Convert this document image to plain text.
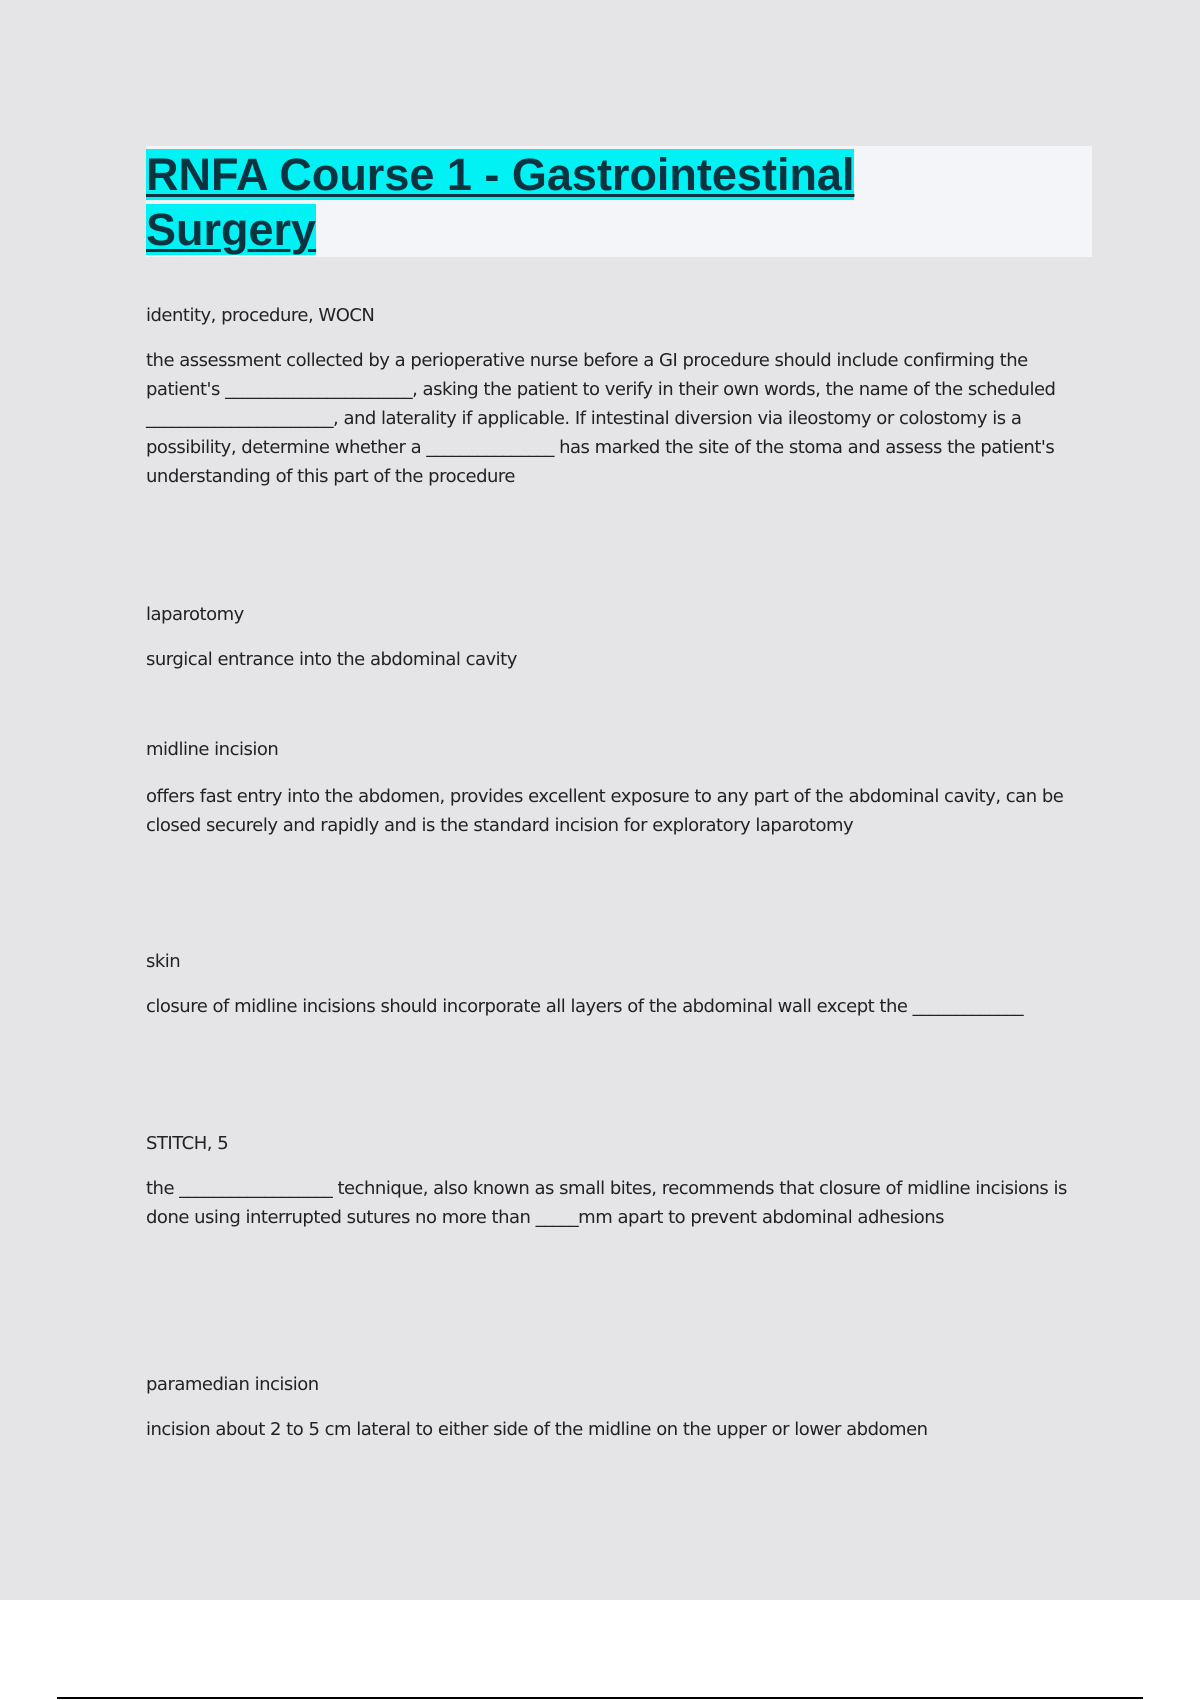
RNFA Course 1 - Gastrointestinal Surgery

identity, procedure, WOCN

the assessment collected by a perioperative nurse before a GI procedure should include confirming the patient's ______________________, asking the patient to verify in their own words, the name of the scheduled ______________________, and laterality if applicable. If intestinal diversion via ileostomy or colostomy is a possibility, determine whether a _______________ has marked the site of the stoma and assess the patient's understanding of this part of the procedure

laparotomy

surgical entrance into the abdominal cavity

midline incision

offers fast entry into the abdomen, provides excellent exposure to any part of the abdominal cavity, can be closed securely and rapidly and is the standard incision for exploratory laparotomy

skin

closure of midline incisions should incorporate all layers of the abdominal wall except the _____________

STITCH, 5

the __________________ technique, also known as small bites, recommends that closure of midline incisions is done using interrupted sutures no more than _____mm apart to prevent abdominal adhesions

paramedian incision

incision about 2 to 5 cm lateral to either side of the midline on the upper or lower abdomen
